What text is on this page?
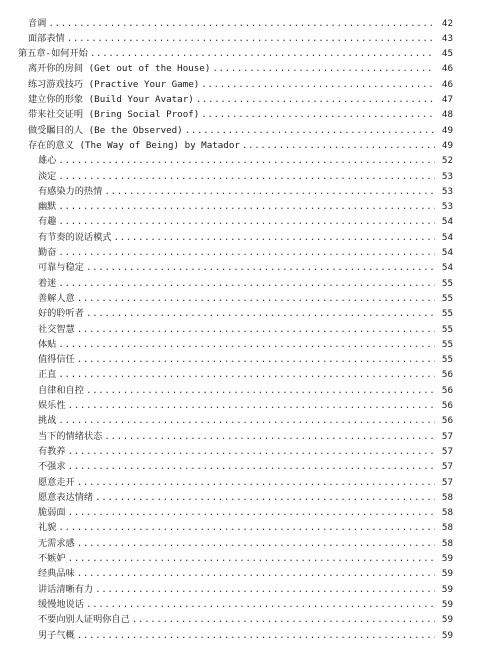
音调 .....	42
面部表情 .....	43
第五章-如何开始 .....	45
离开你的房间 (Get out of the House) .....	46
练习游戏技巧 (Practive Your Game) .....	46
建立你的形象 (Build Your Avatar) .....	47
带来社交证明 (Bring Social Proof) .....	48
做受瞩目的人 (Be the Observed) .....	49
存在的意义 (The Way of Being) by Matador .....	49
雄心 .....	52
淡定 .....	53
有感染力的热情 .....	53
幽默 .....	53
有趣 .....	54
有节奏的说话模式 .....	54
勤奋 .....	54
可靠与稳定 .....	54
着迷 .....	55
善解人意 .....	55
好的聆听者 .....	55
社交智慧 .....	55
体贴 .....	55
值得信任 .....	55
正直 .....	56
自律和自控 .....	56
娱乐性 .....	56
挑战 .....	56
当下的情绪状态 .....	57
有教养 .....	57
不强求 .....	57
愿意走开 .....	57
愿意表达情绪 .....	58
脆弱面 .....	58
礼貌 .....	58
无需求感 .....	58
不嫉妒 .....	59
经典品味 .....	59
讲话清晰有力 .....	59
缓慢地说话 .....	59
不要向别人证明你自己 .....	59
男子气概 .....	59
